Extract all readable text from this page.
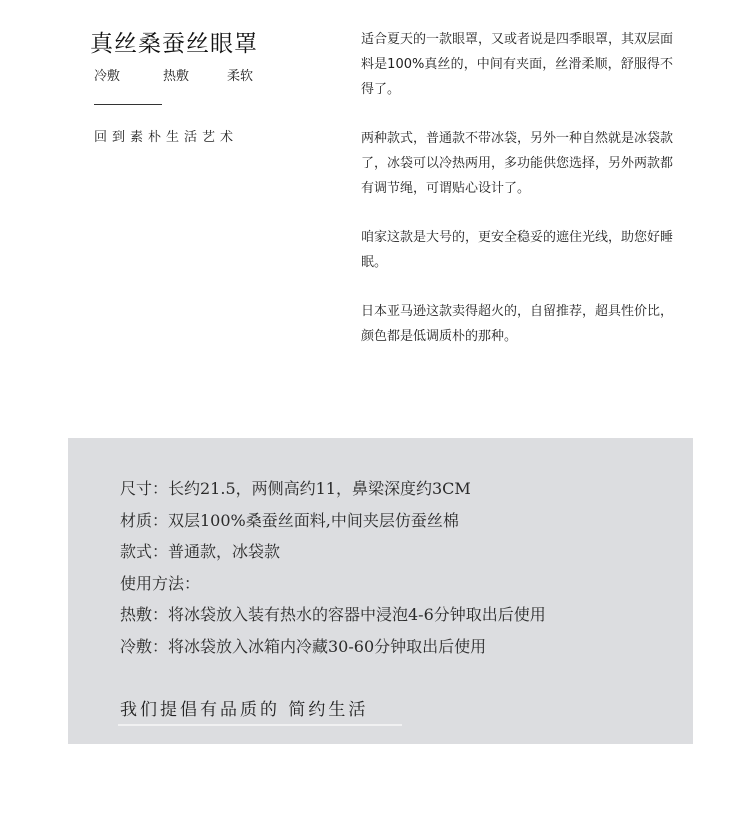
真丝桑蚕丝眼罩
冷敷	热敷	柔软
回到素朴生活艺术

适合夏天的一款眼罩，又或者说是四季眼罩，其双层面料是100%真丝的，中间有夹面，丝滑柔顺，舒服得不得了。

两种款式，普通款不带冰袋，另外一种自然就是冰袋款了，冰袋可以冷热两用，多功能供您选择，另外两款都有调节绳，可谓贴心设计了。

咱家这款是大号的，更安全稳妥的遮住光线，助您好睡眠。

日本亚马逊这款卖得超火的，自留推荐，超具性价比，颜色都是低调质朴的那种。

尺寸：长约21.5，两侧高约11，鼻梁深度约3CM
材质：双层100%桑蚕丝面料,中间夹层仿蚕丝棉
款式：普通款，冰袋款
使用方法：
热敷：将冰袋放入装有热水的容器中浸泡4-6分钟取出后使用
冷敷：将冰袋放入冰箱内冷藏30-60分钟取出后使用
我们提倡有品质的 简约生活
